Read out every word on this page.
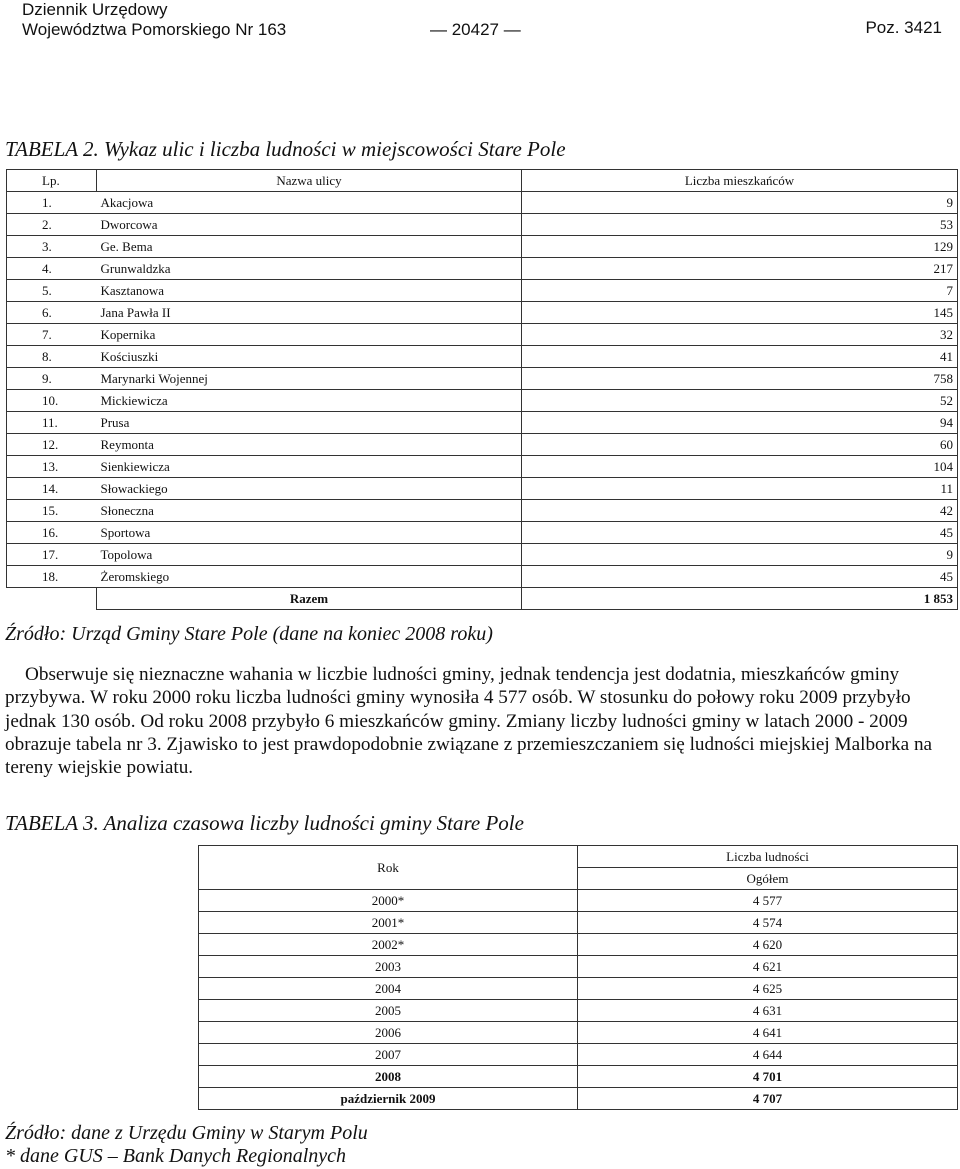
Dziennik Urzędowy
Województwa Pomorskiego Nr 163	— 20427 —	Poz. 3421
TABELA 2. Wykaz ulic i liczba ludności w miejscowości Stare Pole
Lp.	Nazwa ulicy	Liczba mieszkańców
1.	Akacjowa	9
2.	Dworcowa	53
3.	Ge. Bema	129
4.	Grunwaldzka	217
5.	Kasztanowa	7
6.	Jana Pawła II	145
7.	Kopernika	32
8.	Kościuszki	41
9.	Marynarki Wojennej	758
10.	Mickiewicza	52
11.	Prusa	94
12.	Reymonta	60
13.	Sienkiewicza	104
14.	Słowackiego	11
15.	Słoneczna	42
16.	Sportowa	45
17.	Topolowa	9
18.	Żeromskiego	45
	Razem	1 853
Źródło: Urząd Gminy Stare Pole (dane na koniec 2008 roku)
Obserwuje się nieznaczne wahania w liczbie ludności gminy, jednak tendencja jest dodatnia, mieszkańców gminy przybywa. W roku 2000 roku liczba ludności gminy wynosiła 4 577 osób. W stosunku do połowy roku 2009 przybyło jednak 130 osób. Od roku 2008 przybyło 6 mieszkańców gminy. Zmiany liczby ludności gminy w latach 2000 - 2009 obrazuje tabela nr 3. Zjawisko to jest prawdopodobnie związane z przemieszczaniem się ludności miejskiej Malborka na tereny wiejskie powiatu.
TABELA 3. Analiza czasowa liczby ludności gminy Stare Pole
Rok	Liczba ludności
	Ogółem
2000*	4 577
2001*	4 574
2002*	4 620
2003	4 621
2004	4 625
2005	4 631
2006	4 641
2007	4 644
2008	4 701
październik 2009	4 707
Źródło: dane z Urzędu Gminy w Starym Polu
* dane GUS – Bank Danych Regionalnych
